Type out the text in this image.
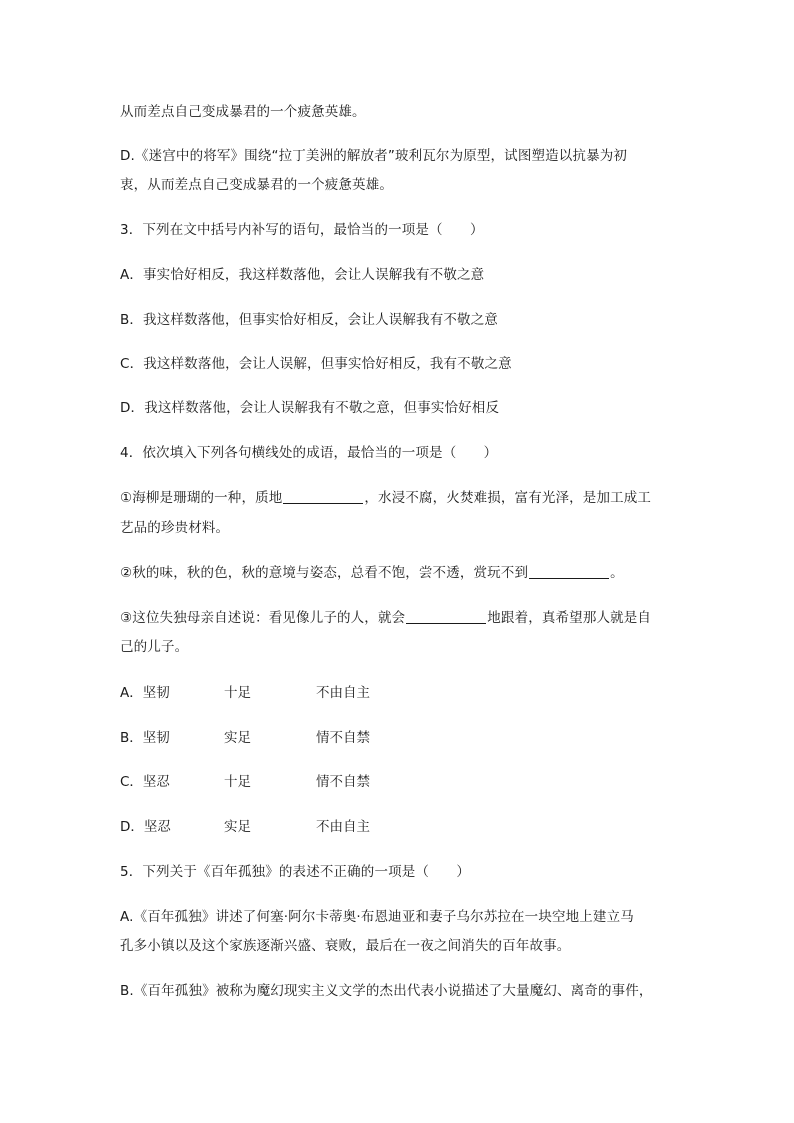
从而差点自己变成暴君的一个疲惫英雄。
D.《迷宫中的将军》围绕“拉丁美洲的解放者”玻利瓦尔为原型，试图塑造以抗暴为初
衷，从而差点自己变成暴君的一个疲惫英雄。
3．下列在文中括号内补写的语句，最恰当的一项是（　　）
A．事实恰好相反，我这样数落他，会让人误解我有不敬之意
B．我这样数落他，但事实恰好相反，会让人误解我有不敬之意
C．我这样数落他，会让人误解，但事实恰好相反，我有不敬之意
D．我这样数落他，会让人误解我有不敬之意，但事实恰好相反
4．依次填入下列各句横线处的成语，最恰当的一项是（　　）
①海柳是珊瑚的一种，质地	，水浸不腐，火焚难损，富有光泽，是加工成工
艺品的珍贵材料。
②秋的味，秋的色，秋的意境与姿态，总看不饱，尝不透，赏玩不到	。
③这位失独母亲自述说：看见像儿子的人，就会	地跟着，真希望那人就是自
己的儿子。
A．坚韧	十足	不由自主
B．坚韧	实足	情不自禁
C．坚忍	十足	情不自禁
D．坚忍	实足	不由自主
5．下列关于《百年孤独》的表述不正确的一项是（　　）
A.《百年孤独》讲述了何塞·阿尔卡蒂奥·布恩迪亚和妻子乌尔苏拉在一块空地上建立马
孔多小镇以及这个家族逐渐兴盛、衰败，最后在一夜之间消失的百年故事。
B.《百年孤独》被称为魔幻现实主义文学的杰出代表小说描述了大量魔幻、离奇的事件，
